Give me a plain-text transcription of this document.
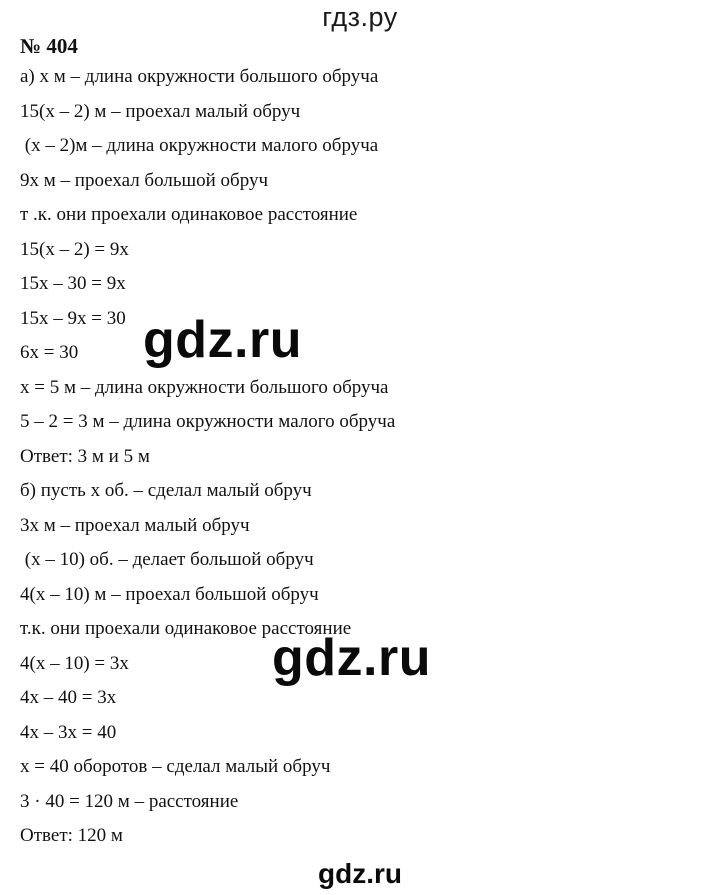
гдз.ру
№ 404
а) х м – длина окружности большого обруча
15(х – 2) м – проехал малый обруч
(х – 2)м – длина окружности малого обруча
9х м – проехал большой обруч
т .к. они проехали одинаковое расстояние
15(х – 2) = 9х
15х – 30 = 9х
15х – 9х = 30
6х = 30
х = 5 м – длина окружности большого обруча
5 – 2 = 3 м – длина окружности малого обруча
Ответ: 3 м и 5 м
б) пусть х об. – сделал малый обруч
3х м – проехал малый обруч
(х – 10) об. – делает большой обруч
4(х – 10) м – проехал большой обруч
т.к. они проехали одинаковое расстояние
4(х – 10) = 3х
4х – 40 = 3х
4х – 3х = 40
х = 40 оборотов – сделал малый обруч
3 · 40 = 120 м – расстояние
Ответ: 120 м
gdz.ru
gdz.ru
gdz.ru
